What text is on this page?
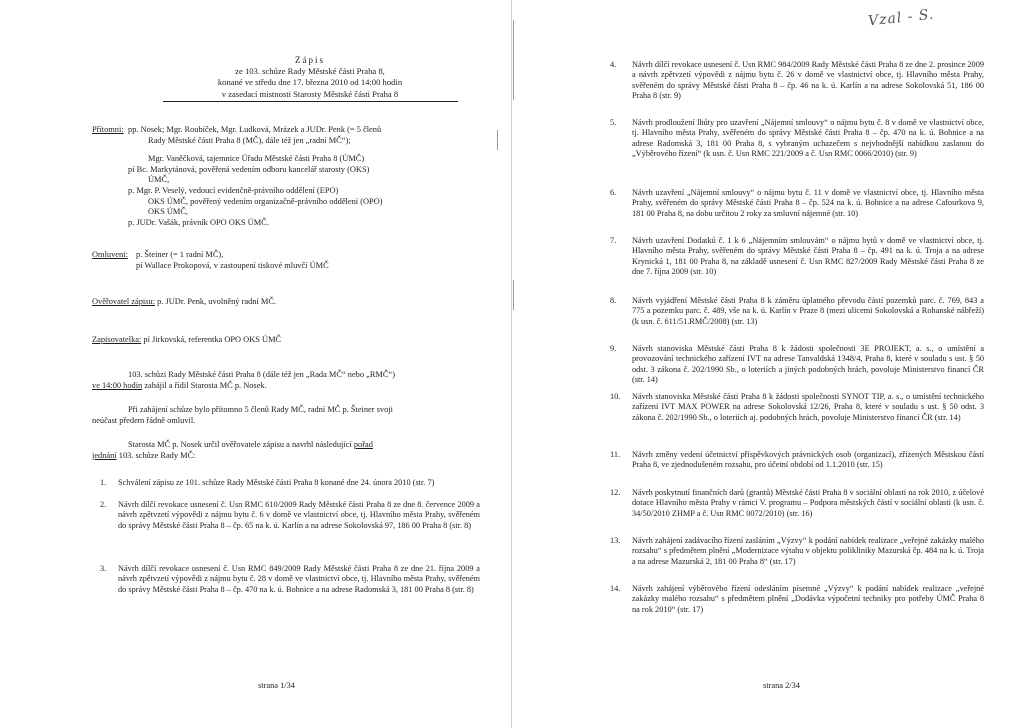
Zápis
ze 103. schůze Rady Městské části Praha 8,
konané ve středu dne 17. března 2010 od 14:00 hodin
v zasedací místnosti Starosty Městské části Praha 8
Přítomni: pp. Nosek; Mgr. Roubíček, Mgr. Ludková, Mrázek a JUDr. Penk (= 5 členů
Rady Městské části Praha 8 (MČ), dále též jen „radní MČ“);
Mgr. Vaněčková, tajemnice Úřadu Městské části Praha 8 (ÚMČ)
pí Bc. Markytánová, pověřená vedením odboru kancelář starosty (OKS)
ÚMČ,
p. Mgr. P. Veselý, vedoucí evidenčně-právního oddělení (EPO)
OKS ÚMČ, pověřený vedením organizačně-právního oddělení (OPO)
OKS ÚMČ,
p. JUDr. Vašák, právník OPO OKS ÚMČ.
Omluveni: p. Šteiner (= 1 radní MČ),
pí Wallace Prokopová, v zastoupení tiskové mluvčí ÚMČ
Ověřovatel zápisu: p. JUDr. Penk, uvolněný radní MČ.
Zapisovatelka: pí Jirkovská, referentka OPO OKS ÚMČ
103. schůzi Rady Městské části Praha 8 (dále též jen „Rada MČ“ nebo „RMČ“)
ve 14:00 hodin zahájil a řídil Starosta MČ p. Nosek.
Při zahájení schůze bylo přítomno 5 členů Rady MČ, radní MČ p. Šteiner svoji
neúčast předem řádně omluvil.
Starosta MČ p. Nosek určil ověřovatele zápisu a navrhl následující pořad
jednání 103. schůze Rady MČ:
1. Schválení zápisu ze 101. schůze Rady Městské části Praha 8 konané dne 24. února 2010 (str. 7)
2. Návrh dílčí revokace usnesení č. Usn RMC 610/2009 Rady Městské části Praha 8 ze dne 8. července 2009 a návrh zpětvzetí výpovědi z nájmu bytu č. 6 v domě ve vlastnictví obce, tj. Hlavního města Prahy, svěřeném do správy Městské části Praha 8 – čp. 65 na k. ú. Karlín a na adrese Sokolovská 97, 186 00 Praha 8 (str. 8)
3. Návrh dílčí revokace usnesení č. Usn RMC 849/2009 Rady Městské části Praha 8 ze dne 21. října 2009 a návrh zpětvzetí výpovědi z nájmu bytu č. 28 v domě ve vlastnictví obce, tj. Hlavního města Prahy, svěřeném do správy Městské části Praha 8 – čp. 470 na k. ú. Bohnice a na adrese Radomská 3, 181 00 Praha 8 (str. 8)
strana 1/34
Vzal - S.
4. Návrh dílčí revokace usnesení č. Usn RMC 984/2009 Rady Městské části Praha 8 ze dne 2. prosince 2009 a návrh zpětvzetí výpovědi z nájmu bytu č. 26 v domě ve vlastnictví obce, tj. Hlavního města Prahy, svěřeném do správy Městské části Praha 8 – čp. 46 na k. ú. Karlín a na adrese Sokolovská 51, 186 00 Praha 8 (str. 9)
5. Návrh prodloužení lhůty pro uzavření „Nájemní smlouvy“ o nájmu bytu č. 8 v domě ve vlastnictví obce, tj. Hlavního města Prahy, svěřeném do správy Městské části Praha 8 – čp. 470 na k. ú. Bohnice a na adrese Radomská 3, 181 00 Praha 8, s vybraným uchazečem s nejvhodnější nabídkou zaslanou do „Výběrového řízení“ (k usn. č. Usn RMC 221/2009 a č. Usn RMC 0066/2010) (str. 9)
6. Návrh uzavření „Nájemní smlouvy“ o nájmu bytu č. 11 v domě ve vlastnictví obce, tj. Hlavního města Prahy, svěřeném do správy Městské části Praha 8 – čp. 524 na k. ú. Bohnice a na adrese Cafourkova 9, 181 00 Praha 8, na dobu určitou 2 roky za smluvní nájemné (str. 10)
7. Návrh uzavření Dodatků č. 1 k 6 „Nájemním smlouvám“ o nájmu bytů v domě ve vlastnictví obce, tj. Hlavního města Prahy, svěřeném do správy Městské části Praha 8 – čp. 491 na k. ú. Troja a na adrese Krynická 1, 181 00 Praha 8, na základě usnesení č. Usn RMC 827/2009 Rady Městské části Praha 8 ze dne 7. října 2009 (str. 10)
8. Návrh vyjádření Městské části Praha 8 k záměru úplatného převodu částí pozemků parc. č. 769, 843 a 775 a pozemku parc. č. 489, vše na k. ú. Karlín v Praze 8 (mezi ulicemi Sokolovská a Rohanské nábřeží) (k usn. č. 611/51.RMČ/2008) (str. 13)
9. Návrh stanoviska Městské části Praha 8 k žádosti společnosti 3E PROJEKT, a. s., o umístění a provozování technického zařízení IVT na adrese Tanvaldská 1348/4, Praha 8, které v souladu s ust. § 50 odst. 3 zákona č. 202/1990 Sb., o loteriích a jiných podobných hrách, povoluje Ministerstvo financí ČR (str. 14)
10. Návrh stanoviska Městské části Praha 8 k žádosti společnosti SYNOT TIP, a. s., o umístění technického zařízení IVT MAX POWER na adrese Sokolovská 12/26, Praha 8, které v souladu s ust. § 50 odst. 3 zákona č. 202/1990 Sb., o loteriích aj. podobných hrách, povoluje Ministerstvo financí ČR (str. 14)
11. Návrh změny vedení účetnictví příspěvkových právnických osob (organizací), zřízených Městskou částí Praha 8, ve zjednodušeném rozsahu, pro účetní období od 1.1.2010 (str. 15)
12. Návrh poskytnutí finančních darů (grantů) Městské části Praha 8 v sociální oblasti na rok 2010, z účelové dotace Hlavního města Prahy v rámci V. programu – Podpora městských částí v sociální oblasti (k usn. č. 34/50/2010 ZHMP a č. Usn RMC 0072/2010) (str. 16)
13. Návrh zahájení zadávacího řízení zasláním „Výzvy“ k podání nabídek realizace „veřejné zakázky malého rozsahu“ s předmětem plnění „Modernizace výtahu v objektu polikliniky Mazurská čp. 484 na k. ú. Troja a na adrese Mazurská 2, 181 00 Praha 8“ (str. 17)
14. Návrh zahájení výběrového řízení odesláním písemné „Výzvy“ k podání nabídek realizace „veřejné zakázky malého rozsahu“ s předmětem plnění „Dodávka výpočetní techniky pro potřeby ÚMČ Praha 8 na rok 2010“ (str. 17)
strana 2/34
